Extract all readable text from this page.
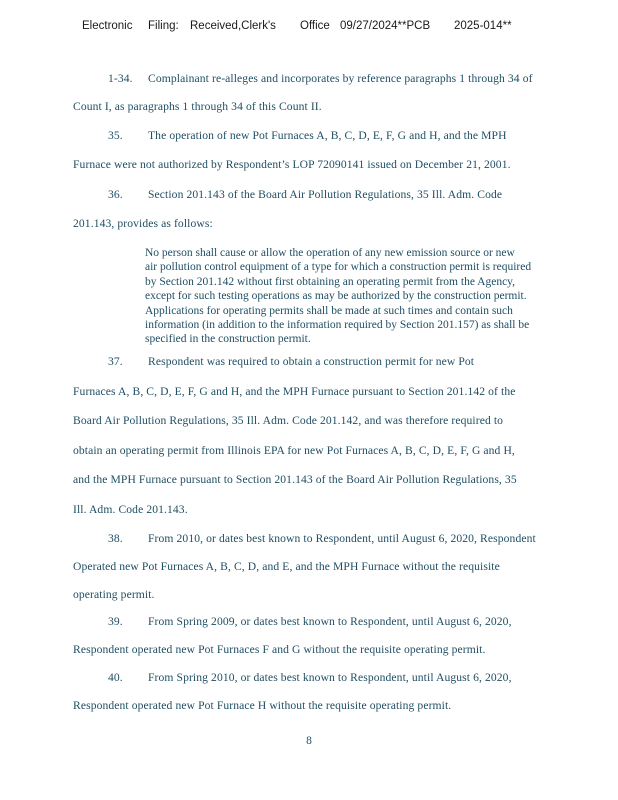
Electronic Filing: Received,Clerk's Office 09/27/2024**PCB 2025-014**
1-34. Complainant re-alleges and incorporates by reference paragraphs 1 through 34 of
Count I, as paragraphs 1 through 34 of this Count II.
35. The operation of new Pot Furnaces A, B, C, D, E, F, G and H, and the MPH
Furnace were not authorized by Respondent’s LOP 72090141 issued on December 21, 2001.
36. Section 201.143 of the Board Air Pollution Regulations, 35 Ill. Adm. Code
201.143, provides as follows:
No person shall cause or allow the operation of any new emission source or new
air pollution control equipment of a type for which a construction permit is required
by Section 201.142 without first obtaining an operating permit from the Agency,
except for such testing operations as may be authorized by the construction permit.
Applications for operating permits shall be made at such times and contain such
information (in addition to the information required by Section 201.157) as shall be
specified in the construction permit.
37. Respondent was required to obtain a construction permit for new Pot
Furnaces A, B, C, D, E, F, G and H, and the MPH Furnace pursuant to Section 201.142 of the
Board Air Pollution Regulations, 35 Ill. Adm. Code 201.142, and was therefore required to
obtain an operating permit from Illinois EPA for new Pot Furnaces A, B, C, D, E, F, G and H,
and the MPH Furnace pursuant to Section 201.143 of the Board Air Pollution Regulations, 35
Ill. Adm. Code 201.143.
38. From 2010, or dates best known to Respondent, until August 6, 2020, Respondent
Operated new Pot Furnaces A, B, C, D, and E, and the MPH Furnace without the requisite
operating permit.
39. From Spring 2009, or dates best known to Respondent, until August 6, 2020,
Respondent operated new Pot Furnaces F and G without the requisite operating permit.
40. From Spring 2010, or dates best known to Respondent, until August 6, 2020,
Respondent operated new Pot Furnace H without the requisite operating permit.
8
